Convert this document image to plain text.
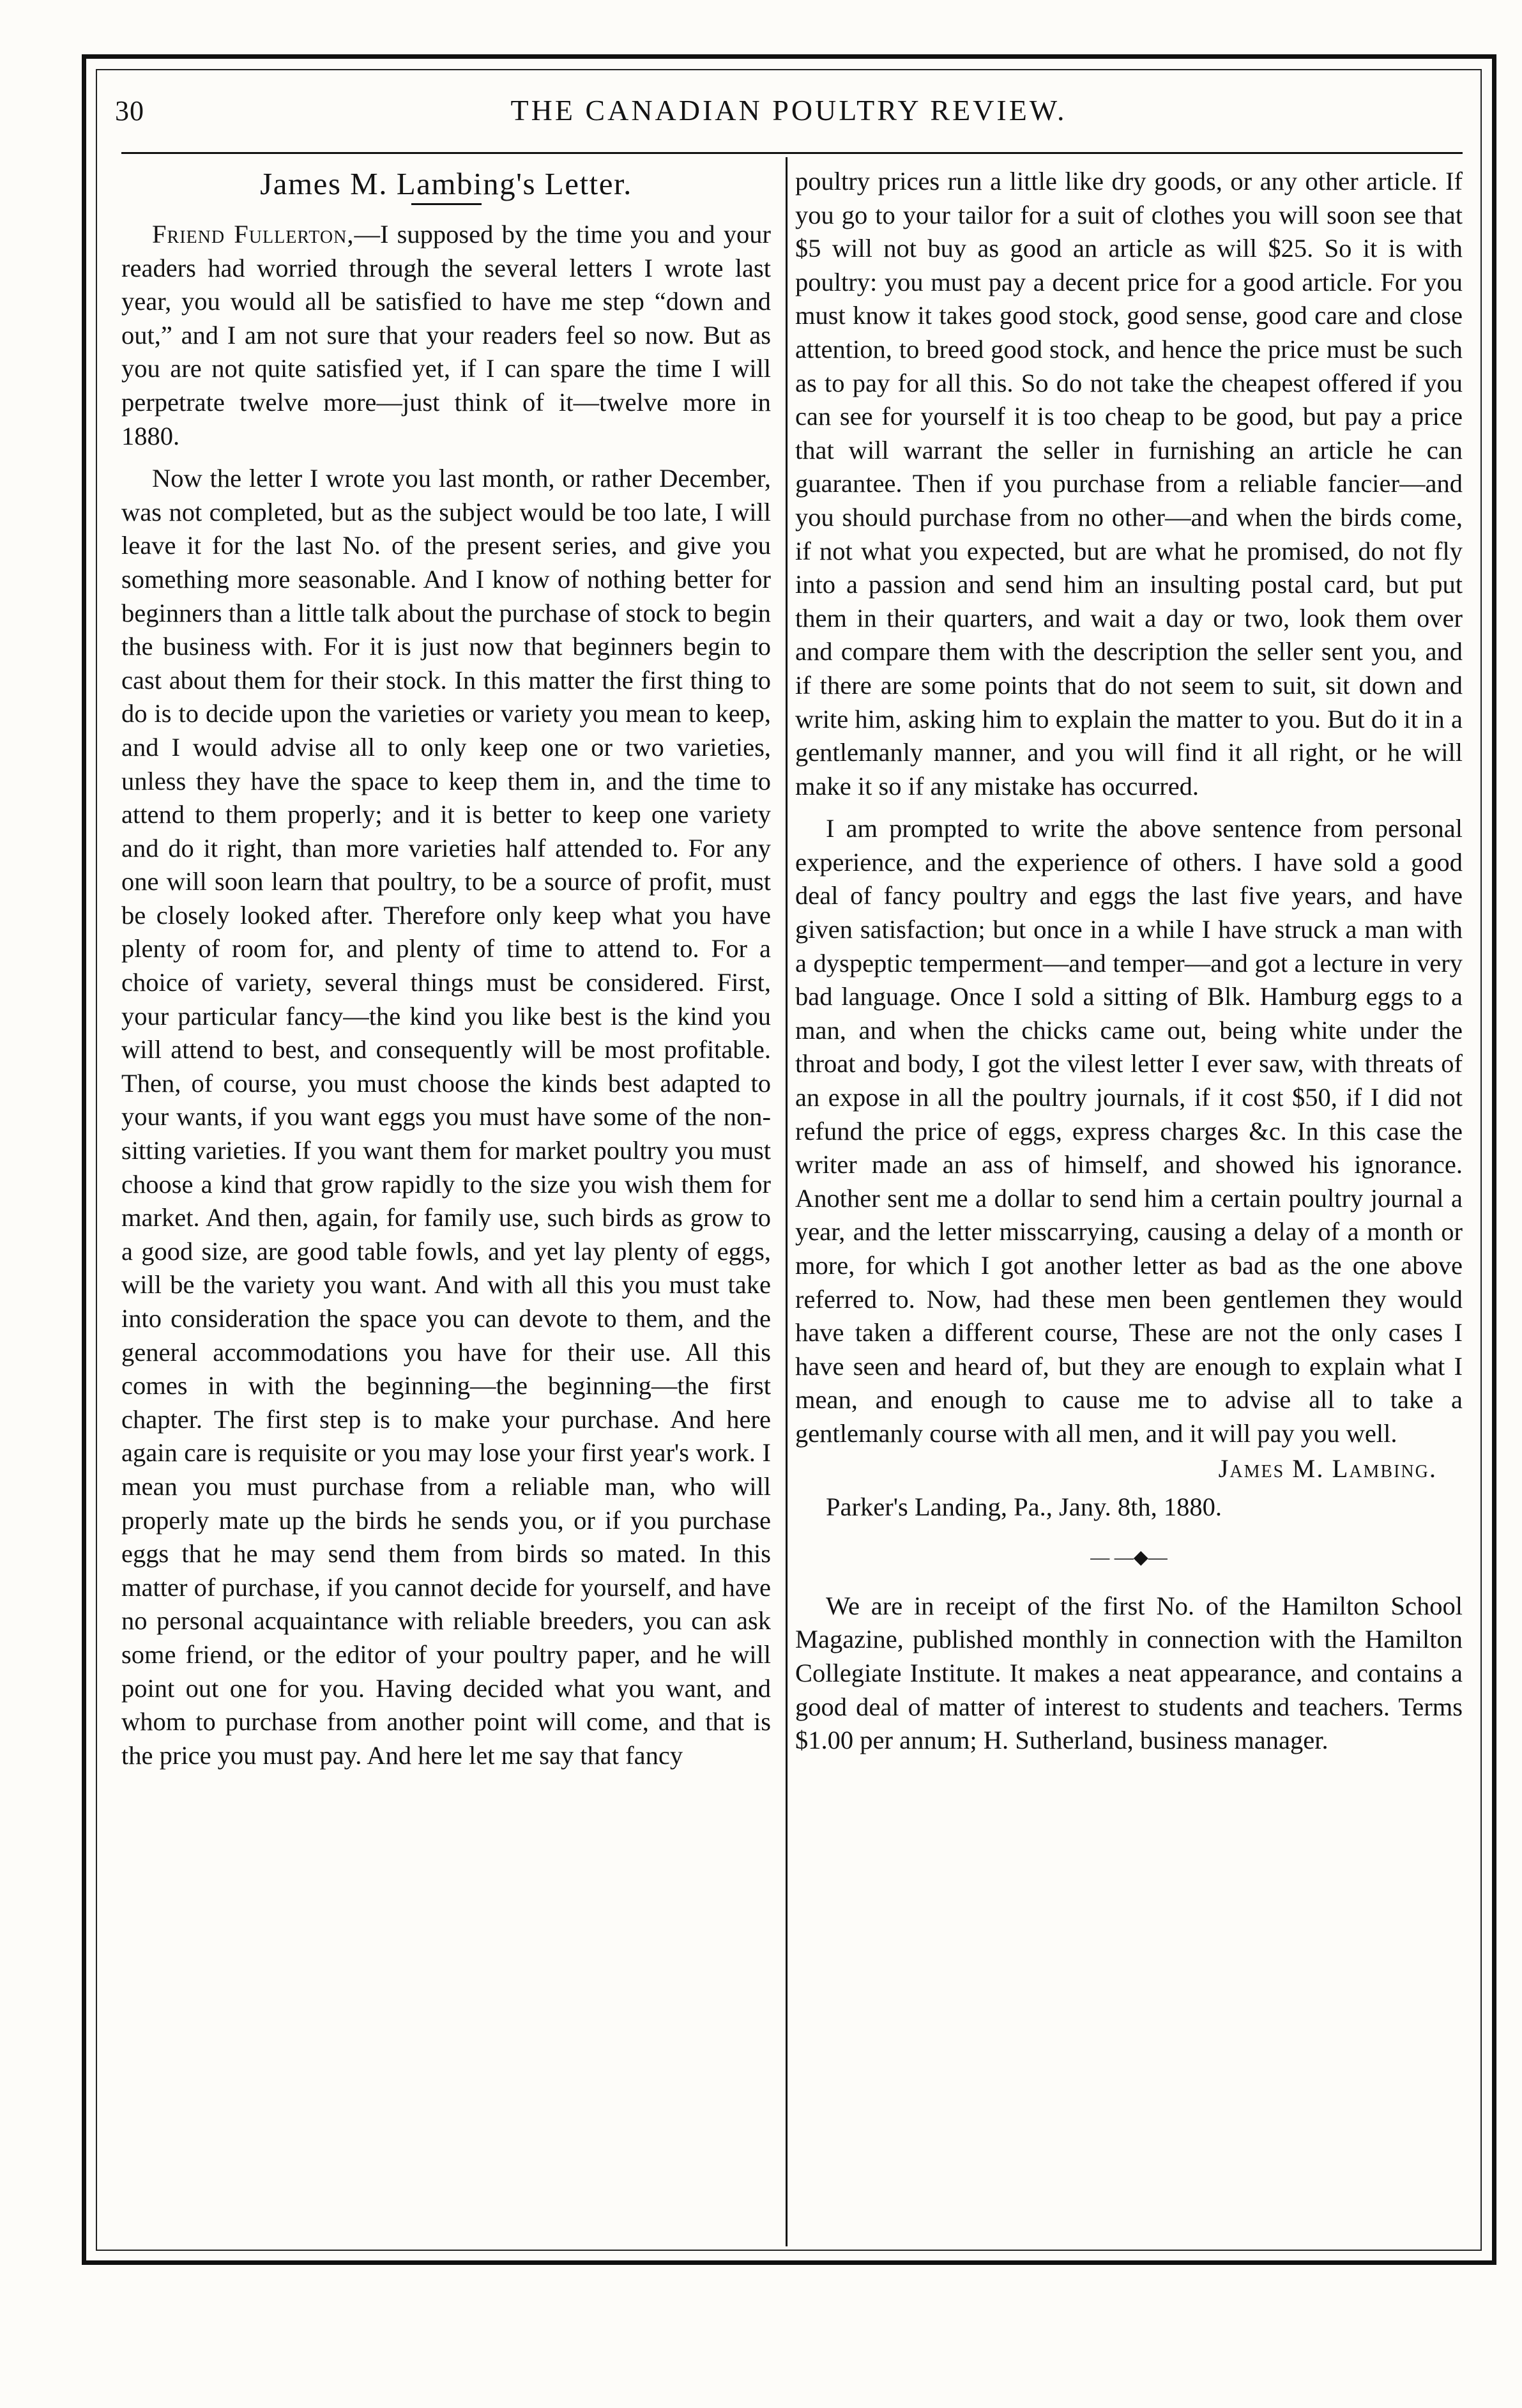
30	THE CANADIAN POULTRY REVIEW.

James M. Lambing's Letter.

Friend Fullerton,—I supposed by the time you and your readers had worried through the several letters I wrote last year, you would all be satisfied to have me step “down and out,” and I am not sure that your readers feel so now. But as you are not quite satisfied yet, if I can spare the time I will perpetrate twelve more—just think of it—twelve more in 1880.

Now the letter I wrote you last month, or rather December, was not completed, but as the subject would be too late, I will leave it for the last No. of the present series, and give you something more seasonable. And I know of nothing better for beginners than a little talk about the purchase of stock to begin the business with. For it is just now that beginners begin to cast about them for their stock. In this matter the first thing to do is to decide upon the varieties or variety you mean to keep, and I would advise all to only keep one or two varieties, unless they have the space to keep them in, and the time to attend to them properly; and it is better to keep one variety and do it right, than more varieties half attended to. For any one will soon learn that poultry, to be a source of profit, must be closely looked after. Therefore only keep what you have plenty of room for, and plenty of time to attend to. For a choice of variety, several things must be considered. First, your particular fancy—the kind you like best is the kind you will attend to best, and consequently will be most profitable. Then, of course, you must choose the kinds best adapted to your wants, if you want eggs you must have some of the non-sitting varieties. If you want them for market poultry you must choose a kind that grow rapidly to the size you wish them for market. And then, again, for family use, such birds as grow to a good size, are good table fowls, and yet lay plenty of eggs, will be the variety you want. And with all this you must take into consideration the space you can devote to them, and the general accommodations you have for their use. All this comes in with the beginning—the beginning—the first chapter. The first step is to make your purchase. And here again care is requisite or you may lose your first year's work. I mean you must purchase from a reliable man, who will properly mate up the birds he sends you, or if you purchase eggs that he may send them from birds so mated. In this matter of purchase, if you cannot decide for yourself, and have no personal acquaintance with reliable breeders, you can ask some friend, or the editor of your poultry paper, and he will point out one for you. Having decided what you want, and whom to purchase from another point will come, and that is the price you must pay. And here let me say that fancy

poultry prices run a little like dry goods, or any other article. If you go to your tailor for a suit of clothes you will soon see that $5 will not buy as good an article as will $25. So it is with poultry: you must pay a decent price for a good article. For you must know it takes good stock, good sense, good care and close attention, to breed good stock, and hence the price must be such as to pay for all this. So do not take the cheapest offered if you can see for yourself it is too cheap to be good, but pay a price that will warrant the seller in furnishing an article he can guarantee. Then if you purchase from a reliable fancier—and you should purchase from no other—and when the birds come, if not what you expected, but are what he promised, do not fly into a passion and send him an insulting postal card, but put them in their quarters, and wait a day or two, look them over and compare them with the description the seller sent you, and if there are some points that do not seem to suit, sit down and write him, asking him to explain the matter to you. But do it in a gentlemanly manner, and you will find it all right, or he will make it so if any mistake has occurred.

I am prompted to write the above sentence from personal experience, and the experience of others. I have sold a good deal of fancy poultry and eggs the last five years, and have given satisfaction; but once in a while I have struck a man with a dyspeptic temperment—and temper—and got a lecture in very bad language. Once I sold a sitting of Blk. Hamburg eggs to a man, and when the chicks came out, being white under the throat and body, I got the vilest letter I ever saw, with threats of an expose in all the poultry journals, if it cost $50, if I did not refund the price of eggs, express charges &c. In this case the writer made an ass of himself, and showed his ignorance. Another sent me a dollar to send him a certain poultry journal a year, and the letter misscarrying, causing a delay of a month or more, for which I got another letter as bad as the one above referred to. Now, had these men been gentlemen they would have taken a different course, These are not the only cases I have seen and heard of, but they are enough to explain what I mean, and enough to cause me to advise all to take a gentlemanly course with all men, and it will pay you well.

James M. Lambing.

Parker's Landing, Pa., Jany. 8th, 1880.

— —◆—

We are in receipt of the first No. of the Hamilton School Magazine, published monthly in connection with the Hamilton Collegiate Institute. It makes a neat appearance, and contains a good deal of matter of interest to students and teachers. Terms $1.00 per annum; H. Sutherland, business manager.
